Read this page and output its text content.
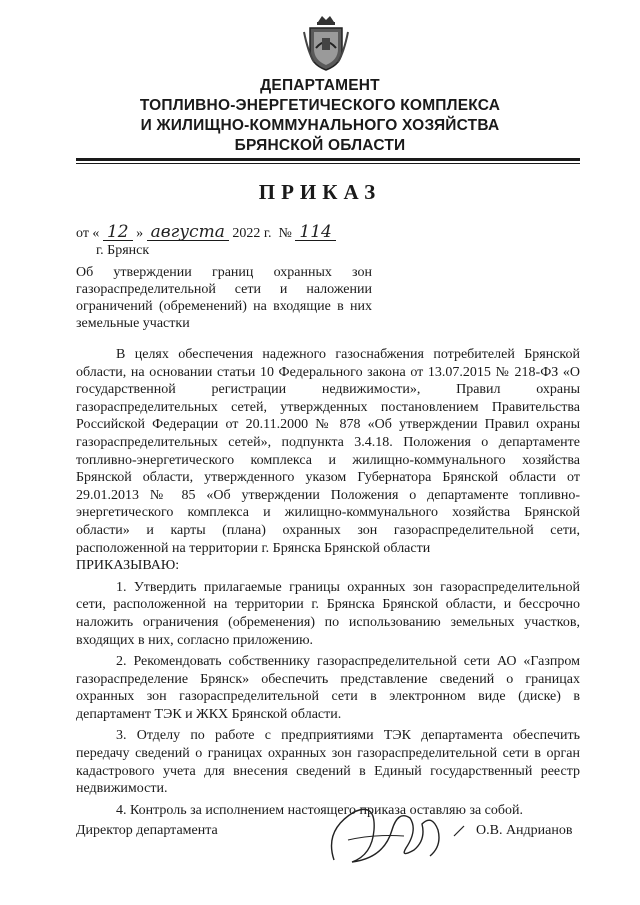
ДЕПАРТАМЕНТ
ТОПЛИВНО-ЭНЕРГЕТИЧЕСКОГО КОМПЛЕКСА
И ЖИЛИЩНО-КОММУНАЛЬНОГО ХОЗЯЙСТВА
БРЯНСКОЙ ОБЛАСТИ
ПРИКАЗ
от « 12 » августа 2022 г. № 114
г. Брянск
Об утверждении границ охранных зон газораспределительной сети и наложении ограничений (обременений) на входящие в них земельные участки

В целях обеспечения надежного газоснабжения потребителей Брянской области, на основании статьи 10 Федерального закона от 13.07.2015 № 218-ФЗ «О государственной регистрации недвижимости», Правил охраны газораспределительных сетей, утвержденных постановлением Правительства Российской Федерации от 20.11.2000 № 878 «Об утверждении Правил охраны газораспределительных сетей», подпункта 3.4.18. Положения о департаменте топливно-энергетического комплекса и жилищно-коммунального хозяйства Брянской области, утвержденного указом Губернатора Брянской области от 29.01.2013 № 85 «Об утверждении Положения о департаменте топливно-энергетического комплекса и жилищно-коммунального хозяйства Брянской области» и карты (плана) охранных зон газораспределительной сети, расположенной на территории г. Брянска Брянской области

ПРИКАЗЫВАЮ:

1. Утвердить прилагаемые границы охранных зон газораспределительной сети, расположенной на территории г. Брянска Брянской области, и бессрочно наложить ограничения (обременения) по использованию земельных участков, входящих в них, согласно приложению.

2. Рекомендовать собственнику газораспределительной сети АО «Газпром газораспределение Брянск» обеспечить представление сведений о границах охранных зон газораспределительной сети в электронном виде (диске) в департамент ТЭК и ЖКХ Брянской области.

3. Отделу по работе с предприятиями ТЭК департамента обеспечить передачу сведений о границах охранных зон газораспределительной сети в орган кадастрового учета для внесения сведений в Единый государственный реестр недвижимости.

4. Контроль за исполнением настоящего приказа оставляю за собой.

Директор департамента	О.В. Андрианов
